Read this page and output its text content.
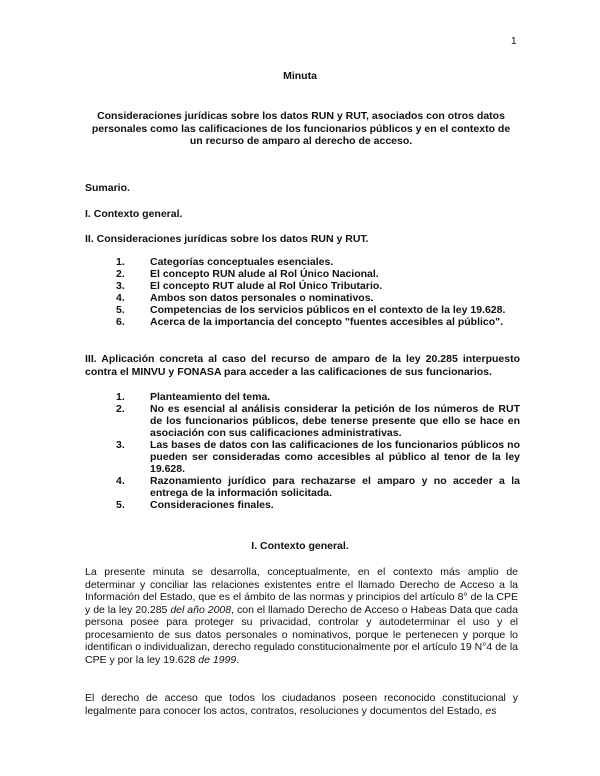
1
Minuta
Consideraciones jurídicas sobre los datos RUN y RUT, asociados con otros datos personales como las calificaciones de los funcionarios públicos y en el contexto de un recurso de amparo al derecho de acceso.
Sumario.
I. Contexto general.
II. Consideraciones jurídicas sobre los datos RUN y RUT.
1.	Categorías conceptuales esenciales.
2.	El concepto RUN alude al Rol Único Nacional.
3.	El concepto RUT alude al Rol Único Tributario.
4.	Ambos son datos personales o nominativos.
5.	Competencias de los servicios públicos en el contexto de la ley 19.628.
6.	Acerca de la importancia del concepto "fuentes accesibles al público".
III. Aplicación concreta al caso del recurso de amparo de la ley 20.285 interpuesto contra el MINVU y FONASA para acceder a las calificaciones de sus funcionarios.
1.	Planteamiento del tema.
2.	No es esencial al análisis considerar la petición de los números de RUT de los funcionarios públicos, debe tenerse presente que ello se hace en asociación con sus calificaciones administrativas.
3.	Las bases de datos con las calificaciones de los funcionarios públicos no pueden ser consideradas como accesibles al público al tenor de la ley 19.628.
4.	Razonamiento jurídico para rechazarse el amparo y no acceder a la entrega de la información solicitada.
5.	Consideraciones finales.
I. Contexto general.

La presente minuta se desarrolla, conceptualmente, en el contexto más amplio de determinar y conciliar las relaciones existentes entre el llamado Derecho de Acceso a la Información del Estado, que es el ámbito de las normas y principios del artículo 8° de la CPE y de la ley 20.285 del año 2008, con el llamado Derecho de Acceso o Habeas Data que cada persona posee para proteger su privacidad, controlar y autodeterminar el uso y el procesamiento de sus datos personales o nominativos, porque le pertenecen y porque lo identifican o individualizan, derecho regulado constitucionalmente por el artículo 19 N°4 de la CPE y por la ley 19.628 de 1999.

El derecho de acceso que todos los ciudadanos poseen reconocido constitucional y legalmente para conocer los actos, contratos, resoluciones y documentos del Estado, es
